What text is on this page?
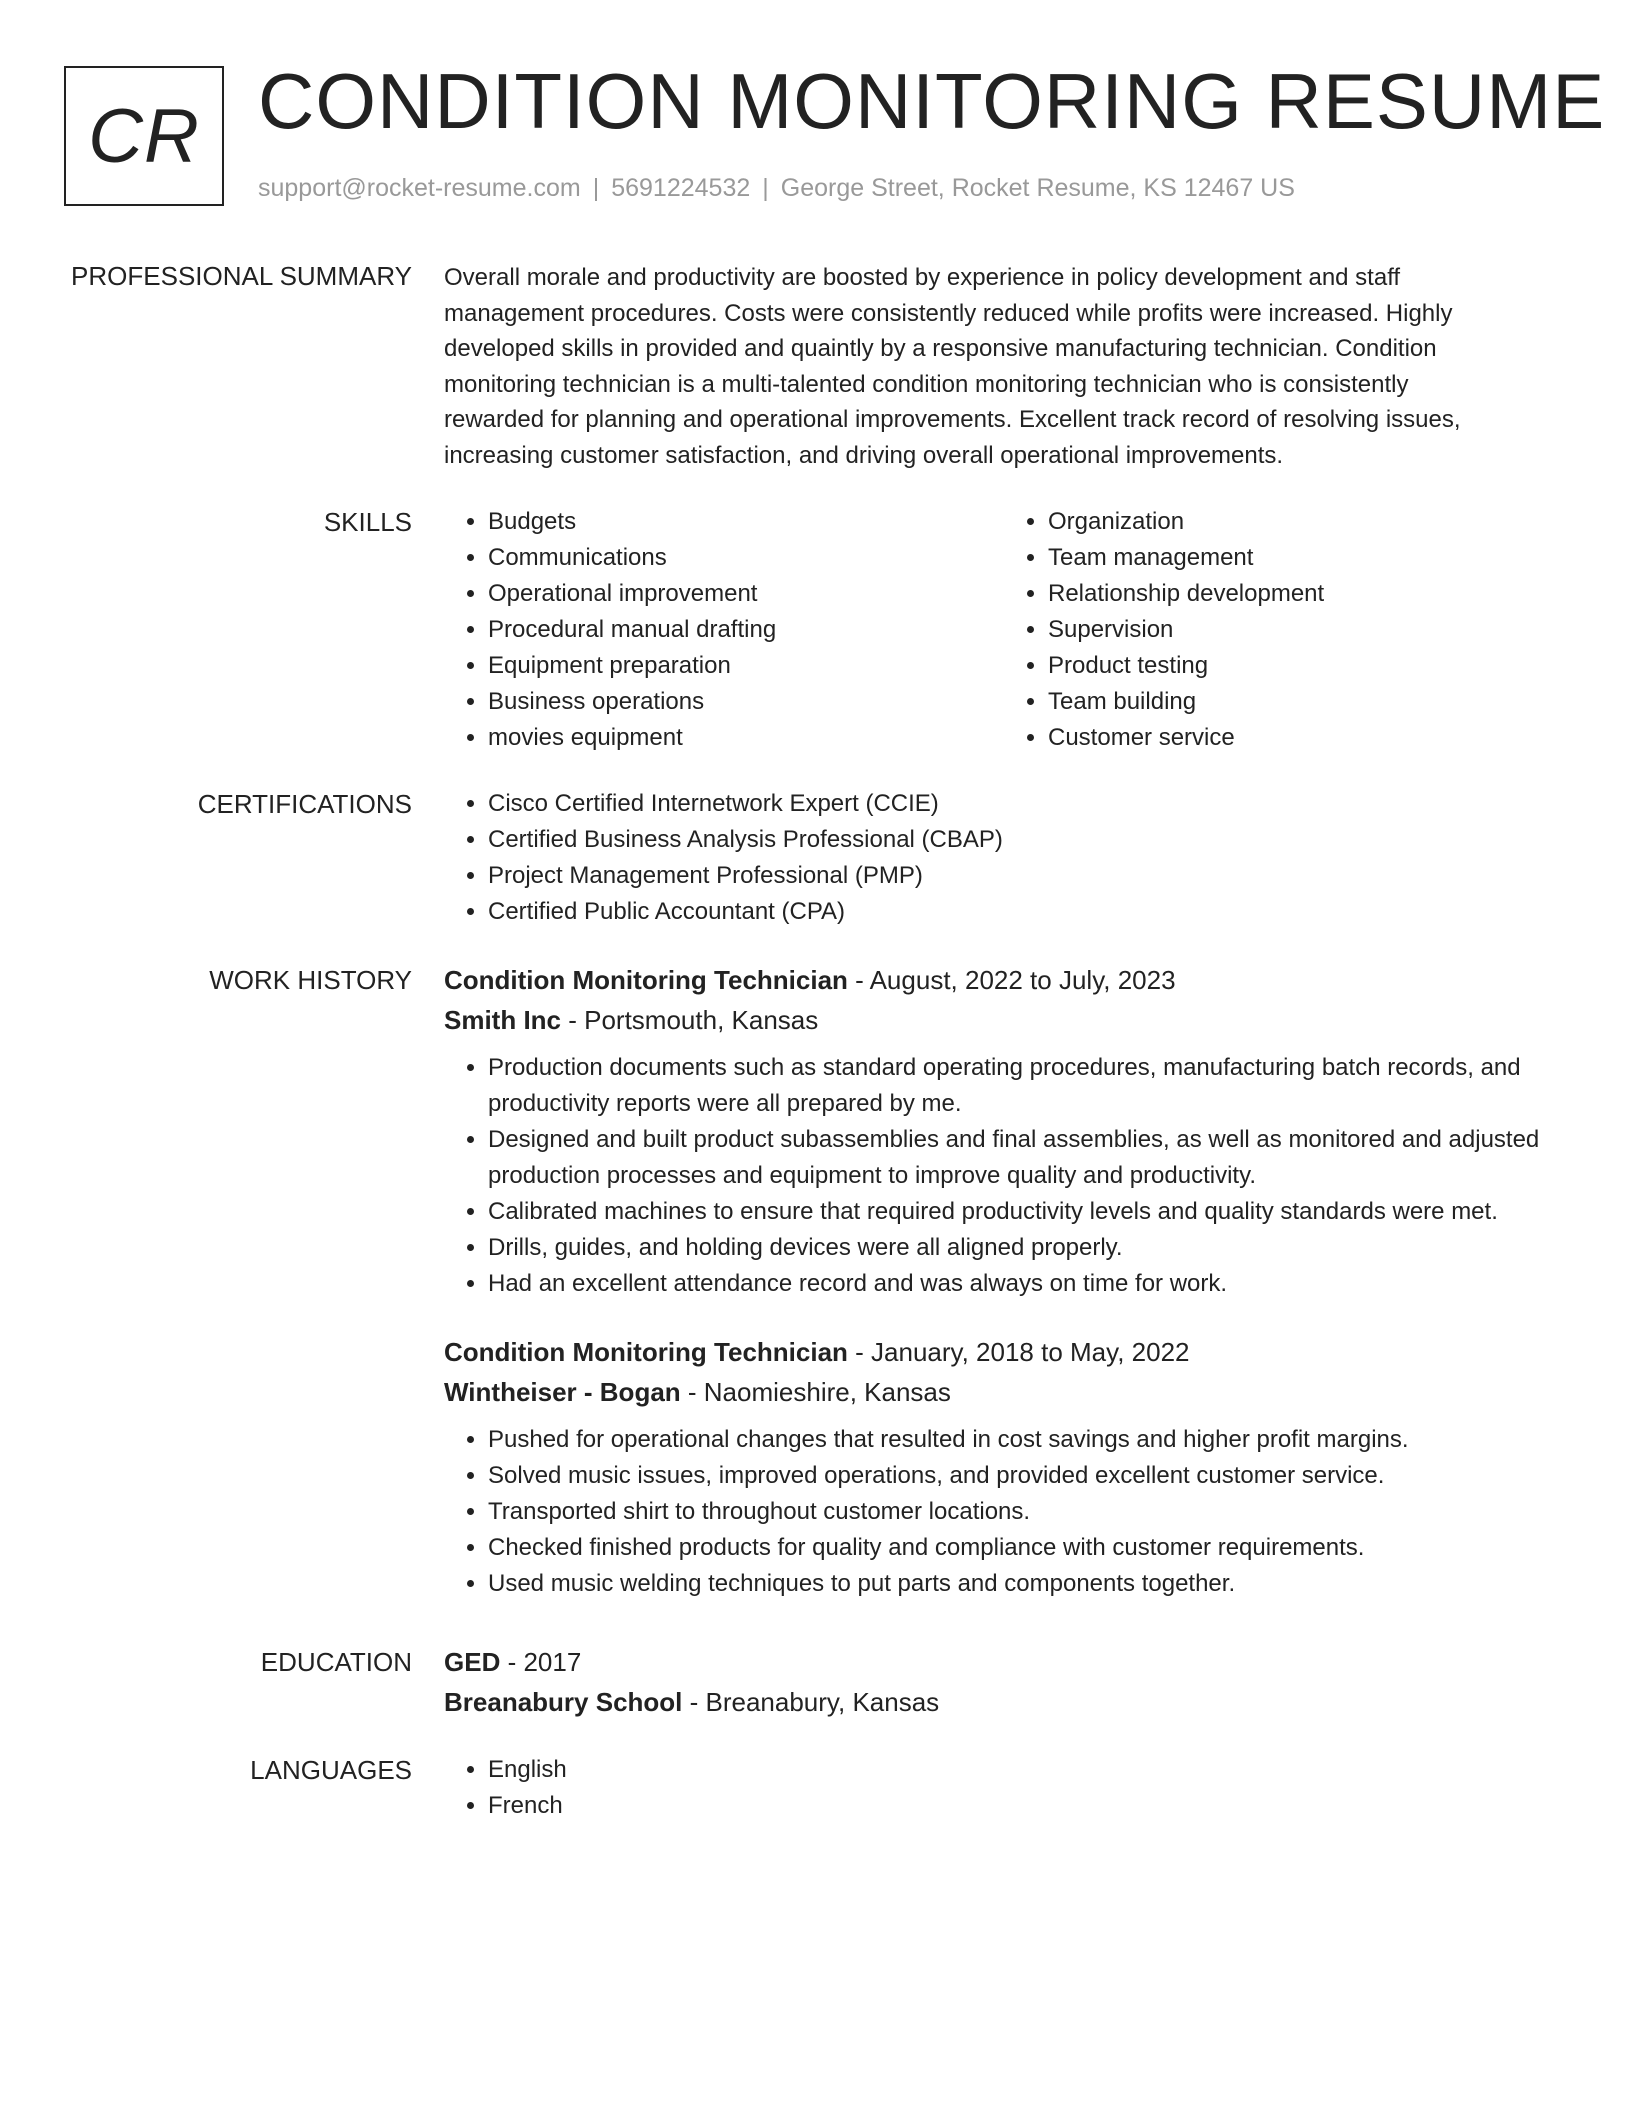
CR CONDITION MONITORING RESUME
support@rocket-resume.com | 5691224532 | George Street, Rocket Resume, KS 12467 US
PROFESSIONAL SUMMARY Overall morale and productivity are boosted by experience in policy development and staff

management procedures. Costs were consistently reduced while profits were increased. Highly

developed skills in provided and quaintly by a responsive manufacturing technician. Condition

monitoring technician is a multi-talented condition monitoring technician who is consistently

rewarded for planning and operational improvements. Excellent track record of resolving issues,

increasing customer satisfaction, and driving overall operational improvements.

SKILLS	• Budgets
• Communications
• Operational improvement
• Procedural manual drafting
• Equipment preparation
• Business operations
• movies equipment
• Organization
• Team management
• Relationship development
• Supervision
• Product testing
• Team building
• Customer service
CERTIFICATIONS	• Cisco Certified Internetwork Expert (CCIE)
• Certified Business Analysis Professional (CBAP)
• Project Management Professional (PMP)
• Certified Public Accountant (CPA)
WORK HISTORY Condition Monitoring Technician - August, 2022 to July, 2023
Smith Inc - Portsmouth, Kansas
• Production documents such as standard operating procedures, manufacturing batch records, and productivity reports were all prepared by me.
• Designed and built product subassemblies and final assemblies, as well as monitored and adjusted production processes and equipment to improve quality and productivity.
• Calibrated machines to ensure that required productivity levels and quality standards were met.
• Drills, guides, and holding devices were all aligned properly.
• Had an excellent attendance record and was always on time for work.
Condition Monitoring Technician - January, 2018 to May, 2022
Wintheiser - Bogan - Naomieshire, Kansas
• Pushed for operational changes that resulted in cost savings and higher profit margins.
• Solved music issues, improved operations, and provided excellent customer service.
• Transported shirt to throughout customer locations.
• Checked finished products for quality and compliance with customer requirements.
• Used music welding techniques to put parts and components together.
EDUCATION GED - 2017
Breanabury School - Breanabury, Kansas
LANGUAGES	• English
• French
